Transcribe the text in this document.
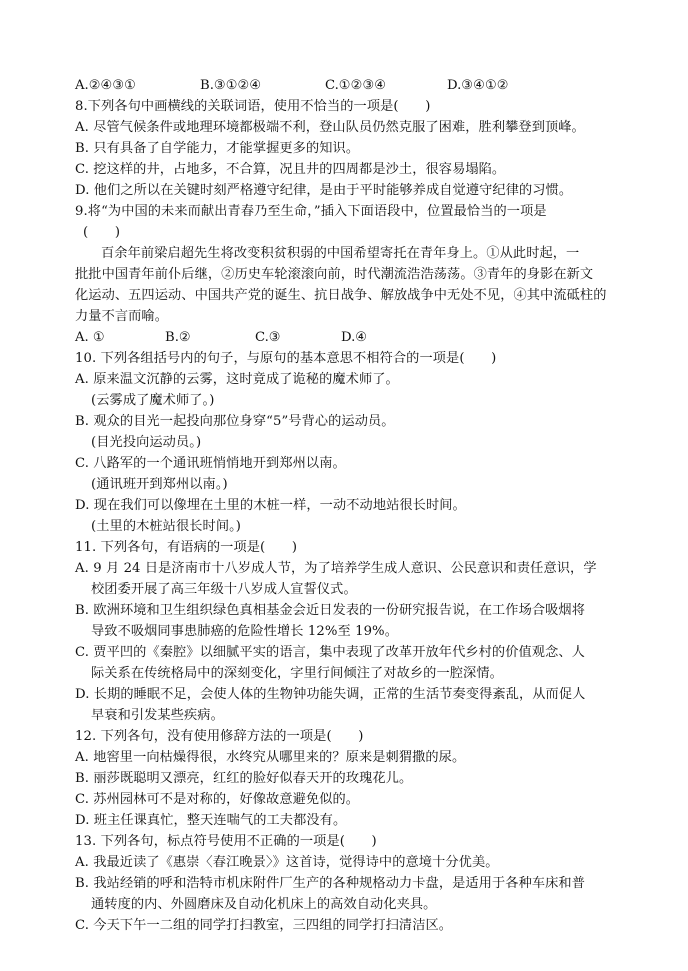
A.②④③①	B.③①②④	C.①②③④	D.③④①②
8.下列各句中画横线的关联词语，使用不恰当的一项是(　　)
A. 尽管气候条件或地理环境都极端不利，登山队员仍然克服了困难，胜利攀登到顶峰。
B. 只有具备了自学能力，才能掌握更多的知识。
C. 挖这样的井，占地多，不合算，况且井的四周都是沙土，很容易塌陷。
D. 他们之所以在关键时刻严格遵守纪律，是由于平时能够养成自觉遵守纪律的习惯。
9.将“为中国的未来而献出青春乃至生命，”插入下面语段中，位置最恰当的一项是
(　　)
百余年前梁启超先生将改变积贫积弱的中国希望寄托在青年身上。①从此时起，一
批批中国青年前仆后继，②历史车轮滚滚向前，时代潮流浩浩荡荡。③青年的身影在新文
化运动、五四运动、中国共产党的诞生、抗日战争、解放战争中无处不见，④其中流砥柱的
力量不言而喻。
A. ①	B.②	C.③	D.④
10. 下列各组括号内的句子，与原句的基本意思不相符合的一项是(　　)
A. 原来温文沉静的云雾，这时竟成了诡秘的魔术师了。
(云雾成了魔术师了。)
B. 观众的目光一起投向那位身穿“5”号背心的运动员。
(目光投向运动员。)
C. 八路军的一个通讯班悄悄地开到郑州以南。
(通讯班开到郑州以南。)
D. 现在我们可以像埋在土里的木桩一样，一动不动地站很长时间。
(土里的木桩站很长时间。)
11. 下列各句，有语病的一项是(　　)
A. 9 月 24 日是济南市十八岁成人节，为了培养学生成人意识、公民意识和责任意识，学
校团委开展了高三年级十八岁成人宣誓仪式。
B. 欧洲环境和卫生组织绿色真相基金会近日发表的一份研究报告说，在工作场合吸烟将
导致不吸烟同事患肺癌的危险性增长 12%至 19%。
C. 贾平凹的《秦腔》以细腻平实的语言，集中表现了改革开放年代乡村的价值观念、人
际关系在传统格局中的深刻变化，字里行间倾注了对故乡的一腔深情。
D. 长期的睡眠不足，会使人体的生物钟功能失调，正常的生活节奏变得紊乱，从而促人
早衰和引发某些疾病。
12. 下列各句，没有使用修辞方法的一项是(　　)
A. 地窖里一向枯燥得很，水终究从哪里来的？原来是刺猬撒的尿。
B. 丽莎既聪明又漂亮，红红的脸好似春天开的玫瑰花儿。
C. 苏州园林可不是对称的，好像故意避免似的。
D. 班主任课真忙，整天连喘气的工夫都没有。
13. 下列各句，标点符号使用不正确的一项是(　　)
A. 我最近读了《惠崇〈春江晚景〉》这首诗，觉得诗中的意境十分优美。
B. 我站经销的呼和浩特市机床附件厂生产的各种规格动力卡盘，是适用于各种车床和普
通转度的内、外圆磨床及自动化机床上的高效自动化夹具。
C. 今天下午一二组的同学打扫教室，三四组的同学打扫清洁区。
